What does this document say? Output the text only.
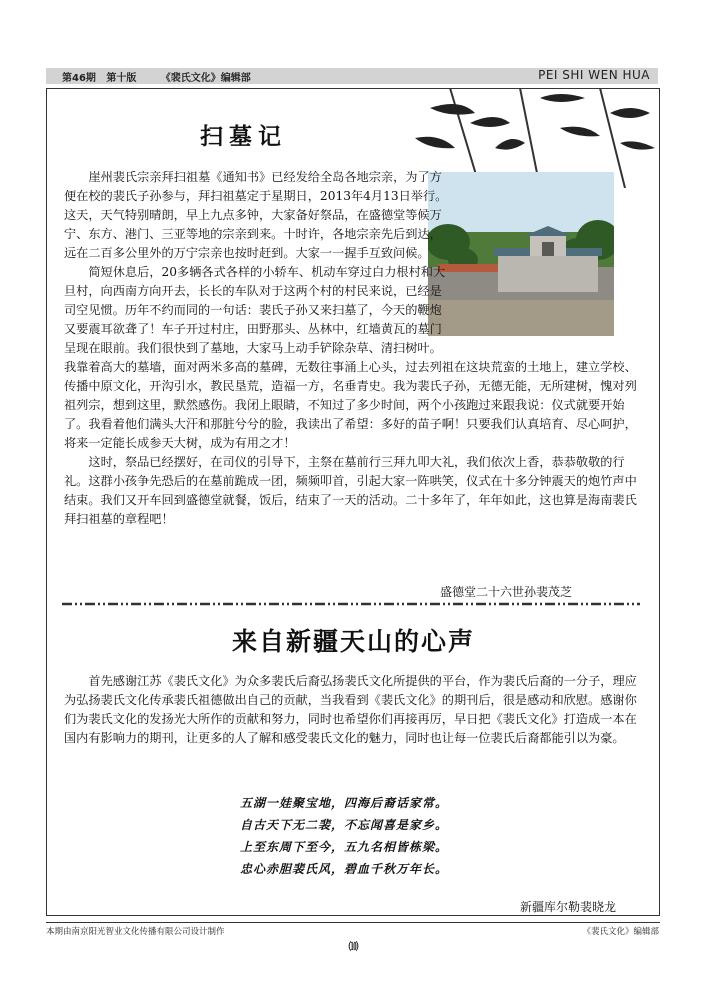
第46期 第十版 《裴氏文化》编辑部	PEI SHI WEN HUA
扫墓记

崖州裴氏宗亲拜扫祖墓《通知书》已经发给全岛各地宗亲，为了方便在校的裴氏子孙参与，拜扫祖墓定于星期日，2013年4月13日举行。这天，天气特别晴朗，早上九点多钟，大家备好祭品，在盛德堂等候万宁、东方、港门、三亚等地的宗亲到来。十时许，各地宗亲先后到达，远在二百多公里外的万宁宗亲也按时赶到。大家一一握手互致问候。

简短休息后，20多辆各式各样的小轿车、机动车穿过白力根村和大旦村，向西南方向开去，长长的车队对于这两个村的村民来说，已经是司空见惯。历年不约而同的一句话：裴氏子孙又来扫墓了，今天的鞭炮又要震耳欲聋了！车子开过村庄，田野那头、丛林中，红墙黄瓦的墓门呈现在眼前。我们很快到了墓地，大家马上动手铲除杂草、清扫树叶。我靠着高大的墓墙，面对两米多高的墓碑，无数往事涌上心头，过去列祖在这块荒蛮的土地上，建立学校、传播中原文化，开沟引水，教民垦荒，造福一方，名垂青史。我为裴氏子孙，无德无能，无所建树，愧对列祖列宗，想到这里，默然感伤。我闭上眼睛，不知过了多少时间，两个小孩跑过来跟我说：仪式就要开始了。我看着他们满头大汗和那脏兮兮的脸，我读出了希望：多好的苗子啊！只要我们认真培育、尽心呵护，将来一定能长成参天大树，成为有用之才！

这时，祭品已经摆好，在司仪的引导下，主祭在墓前行三拜九叩大礼，我们依次上香，恭恭敬敬的行礼。这群小孩争先恐后的在墓前跪成一团，频频叩首，引起大家一阵哄笑，仪式在十多分钟震天的炮竹声中结束。我们又开车回到盛德堂就餐，饭后，结束了一天的活动。二十多年了，年年如此，这也算是海南裴氏拜扫祖墓的章程吧！

盛德堂二十六世孙裴茂芝
来自新疆天山的心声

首先感谢江苏《裴氏文化》为众多裴氏后裔弘扬裴氏文化所提供的平台，作为裴氏后裔的一分子，理应为弘扬裴氏文化传承裴氏祖德做出自己的贡献，当我看到《裴氏文化》的期刊后，很是感动和欣慰。感谢你们为裴氏文化的发扬光大所作的贡献和努力，同时也希望你们再接再厉，早日把《裴氏文化》打造成一本在国内有影响力的期刊，让更多的人了解和感受裴氏文化的魅力，同时也让每一位裴氏后裔都能引以为豪。

五湖一娃聚宝地，四海后裔话家常。
自古天下无二裴，不忘闻喜是家乡。
上至东周下至今，五九名相皆栋梁。
忠心赤胆裴氏风，碧血千秋万年长。
新疆库尔勒裴晓龙
本期由南京阳光智业文化传播有限公司设计制作	《裴氏文化》编辑部
⑽
